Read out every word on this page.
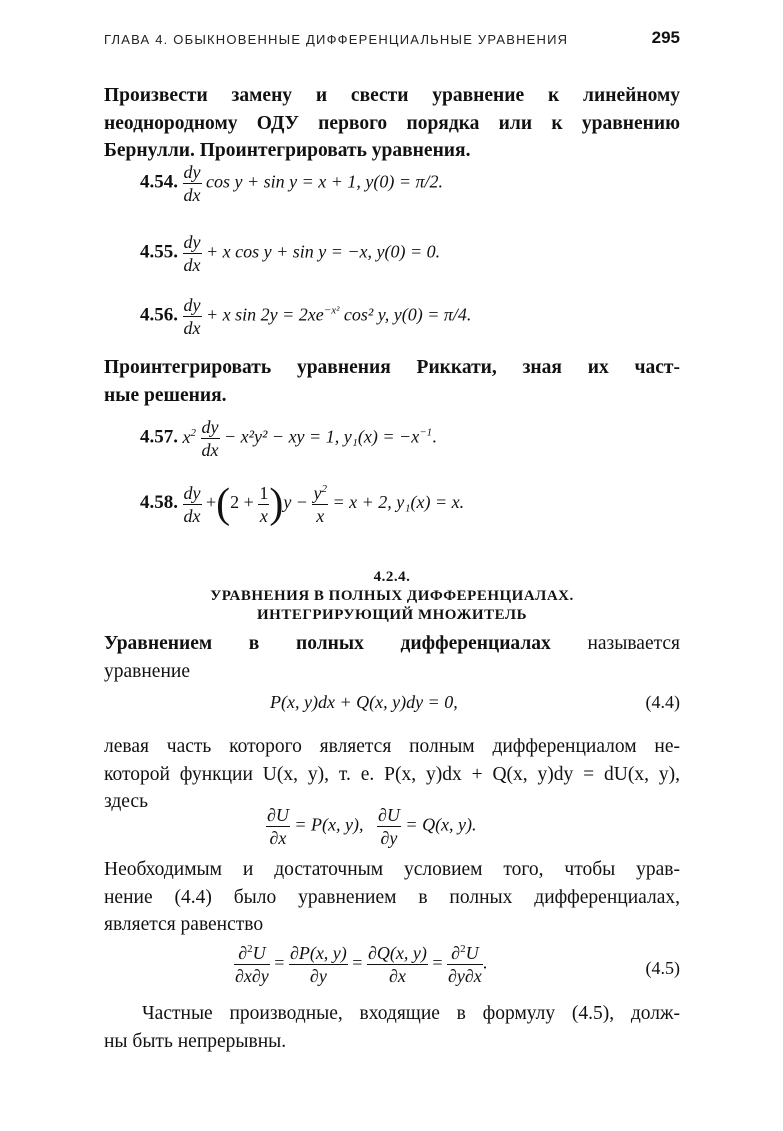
ГЛАВА 4. ОБЫКНОВЕННЫЕ ДИФФЕРЕНЦИАЛЬНЫЕ УРАВНЕНИЯ	295
Произвести замену и свести уравнение к линейному
неоднородному ОДУ первого порядка или к уравнению
Бернулли. Проинтегрировать уравнения.
4.54. $\frac{dy}{dx}$ cos y + sin y = x + 1, y(0) = π/2.
4.55. $\frac{dy}{dx} + x$ cos y + sin y = −x, y(0) = 0.
4.56. $\frac{dy}{dx} + x$ $\sin 2y = 2xe^{-x^2}$ cos² y, y(0) = π/4.
Проинтегрировать уравнения Риккати, зная их част-
ные решения.
4.57. $x^2 \frac{dy}{dx} - x^2y^2$ − xy = 1, $y_1(x) = -x^{-1}$.
4.58. $\frac{dy}{dx} +(2 + \frac{1}{x} )y - \frac{y^2}{x} = x + 2$, y₁(x) = x.
4.2.4.
УРАВНЕНИЯ В ПОЛНЫХ ДИФФЕРЕНЦИАЛАХ.
ИНТЕГРИРУЮЩИЙ МНОЖИТЕЛЬ
Уравнением в полных дифференциалах называется
уравнение
P(x, y)dx + Q(x, y)dy = 0,	(4.4)
левая часть которого является полным дифференциалом не-
которой функции U(x, y), т. е. P(x, y)dx + Q(x, y)dy = dU(x, y),
здесь
$\frac{\partial U}{\partial x} = P(x$, y), $\frac{\partial U}{\partial y} = Q(x$, y).
Необходимым и достаточным условием того, чтобы урав-
нение (4.4) было уравнением в полных дифференциалах,
является равенство
$\frac{\partial^2U}{\partial x\partial y} = \frac{\partial P(x, y)}{\partial y} = \frac{\partial Q(x, y)}{\partial x} = \frac{\partial^2U}{\partial y\partial x}$ .	(4.5)
Частные производные, входящие в формулу (4.5), долж-
ны быть непрерывны.
